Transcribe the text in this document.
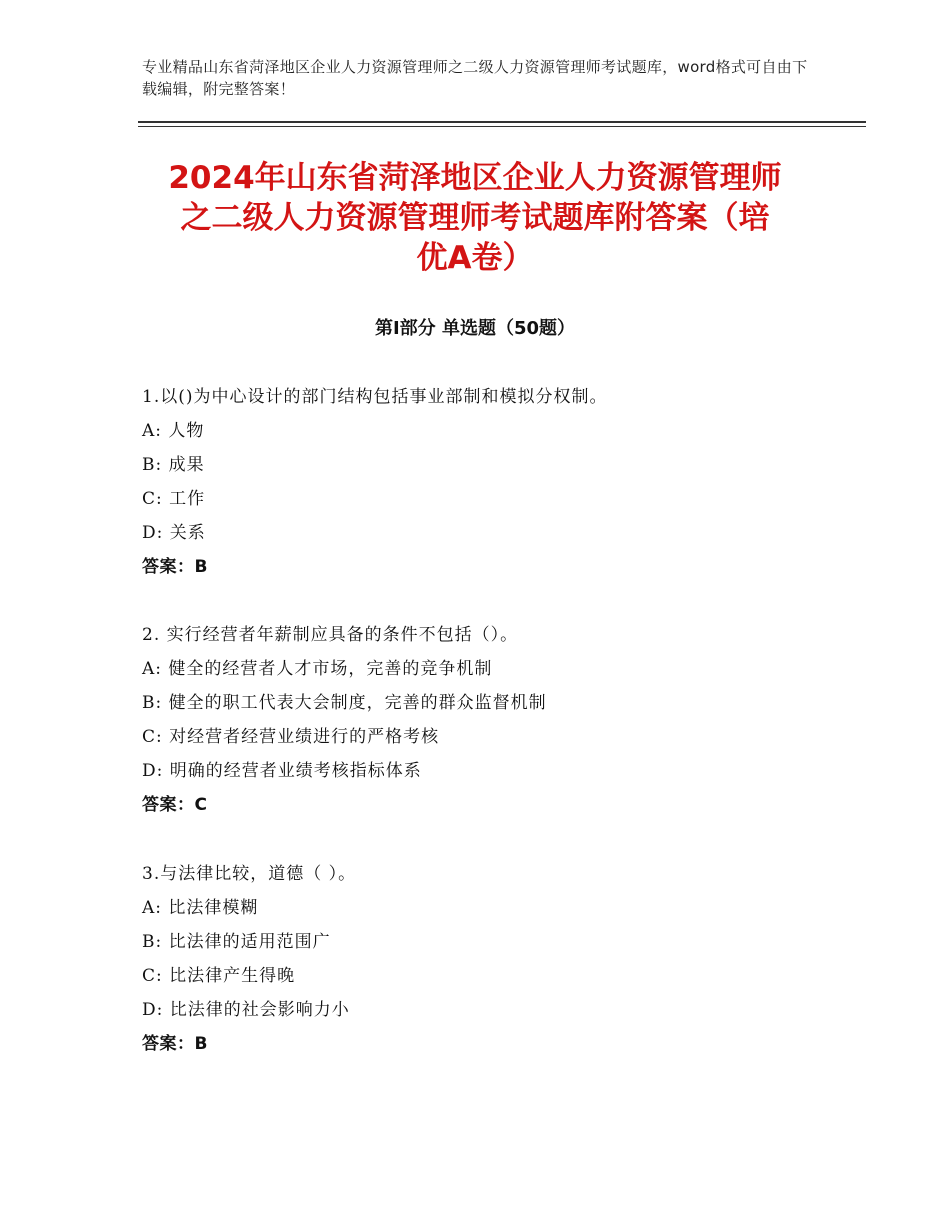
专业精品山东省菏泽地区企业人力资源管理师之二级人力资源管理师考试题库，word格式可自由下载编辑，附完整答案！
2024年山东省菏泽地区企业人力资源管理师
之二级人力资源管理师考试题库附答案（培
优A卷）
第Ⅰ部分 单选题（50题）
1.以()为中心设计的部门结构包括事业部制和模拟分权制。
A: 人物
B: 成果
C: 工作
D: 关系
答案：B
2. 实行经营者年薪制应具备的条件不包括（）。
A: 健全的经营者人才市场，完善的竞争机制
B: 健全的职工代表大会制度，完善的群众监督机制
C: 对经营者经营业绩进行的严格考核
D: 明确的经营者业绩考核指标体系
答案：C
3.与法律比较，道德（ ）。
A: 比法律模糊
B: 比法律的适用范围广
C: 比法律产生得晚
D: 比法律的社会影响力小
答案：B
